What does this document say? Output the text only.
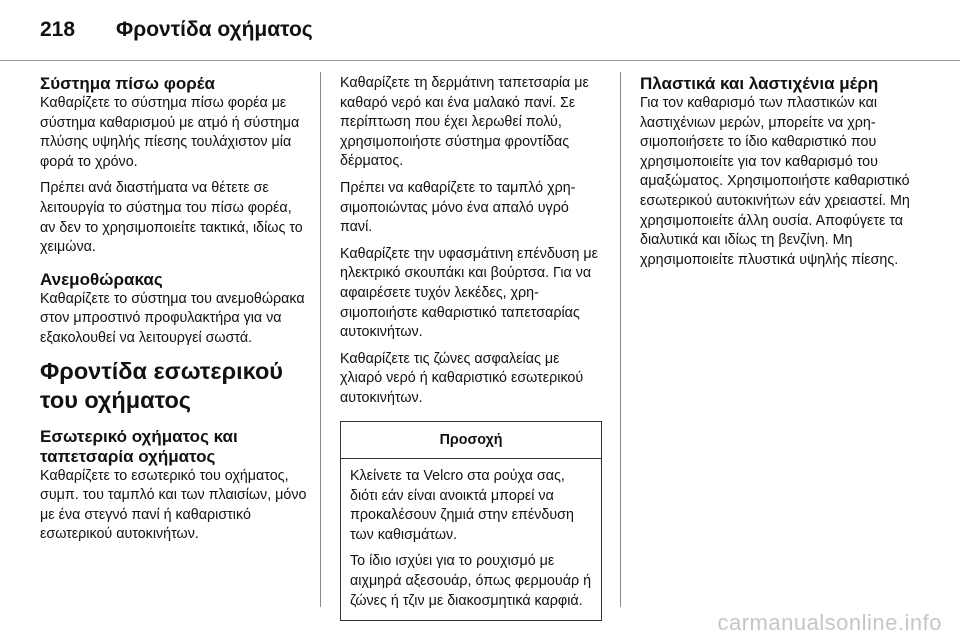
218	Φροντίδα οχήματος
Σύστημα πίσω φορέα

Καθαρίζετε το σύστημα πίσω φορέα με σύστημα καθαρισμού με ατμό ή σύστημα πλύσης υψηλής πίεσης τουλάχιστον μία φορά το χρόνο.

Πρέπει ανά διαστήματα να θέτετε σε λειτουργία το σύστημα του πίσω φορέα, αν δεν το χρησιμοποιείτε τακτικά, ιδίως το χειμώνα.

Ανεμοθώρακας

Καθαρίζετε το σύστημα του ανεμοθώρακα στον μπροστινό προφυλακτήρα για να εξακολουθεί να λειτουργεί σωστά.

Φροντίδα εσωτερικού του οχήματος
Εσωτερικό οχήματος και ταπετσαρία οχήματος

Καθαρίζετε το εσωτερικό του οχήματος, συμπ. του ταμπλό και των πλαισίων, μόνο με ένα στεγνό πανί ή καθαριστικό εσωτερικού αυτοκινήτων.

Καθαρίζετε τη δερμάτινη ταπετσαρία με καθαρό νερό και ένα μαλακό πανί. Σε περίπτωση που έχει λερωθεί πολύ, χρησιμοποιήστε σύστημα φροντίδας δέρματος.

Πρέπει να καθαρίζετε το ταμπλό χρησιμοποιώντας μόνο ένα απαλό υγρό πανί.

Καθαρίζετε την υφασμάτινη επένδυση με ηλεκτρικό σκουπάκι και βούρτσα. Για να αφαιρέσετε τυχόν λεκέδες, χρησιμοποιήστε καθαριστικό ταπετσαρίας αυτοκινήτων.

Καθαρίζετε τις ζώνες ασφαλείας με χλιαρό νερό ή καθαριστικό εσωτερικού αυτοκινήτων.

Προσοχή

Κλείνετε τα Velcro στα ρούχα σας, διότι εάν είναι ανοικτά μπορεί να προκαλέσουν ζημιά στην επένδυση των καθισμάτων.

Το ίδιο ισχύει για το ρουχισμό με αιχμηρά αξεσουάρ, όπως φερμουάρ ή ζώνες ή τζιν με διακοσμητικά καρφιά.

Πλαστικά και λαστιχένια μέρη

Για τον καθαρισμό των πλαστικών και λαστιχένιων μερών, μπορείτε να χρησιμοποιήσετε το ίδιο καθαριστικό που χρησιμοποιείτε για τον καθαρισμό του αμαξώματος. Χρησιμοποιήστε καθαριστικό εσωτερικού αυτοκινήτων εάν χρειαστεί. Μη χρησιμοποιείτε άλλη ουσία. Αποφύγετε τα διαλυτικά και ιδίως τη βενζίνη. Μη χρησιμοποιείτε πλυστικά υψηλής πίεσης.

carmanualsonline.info
